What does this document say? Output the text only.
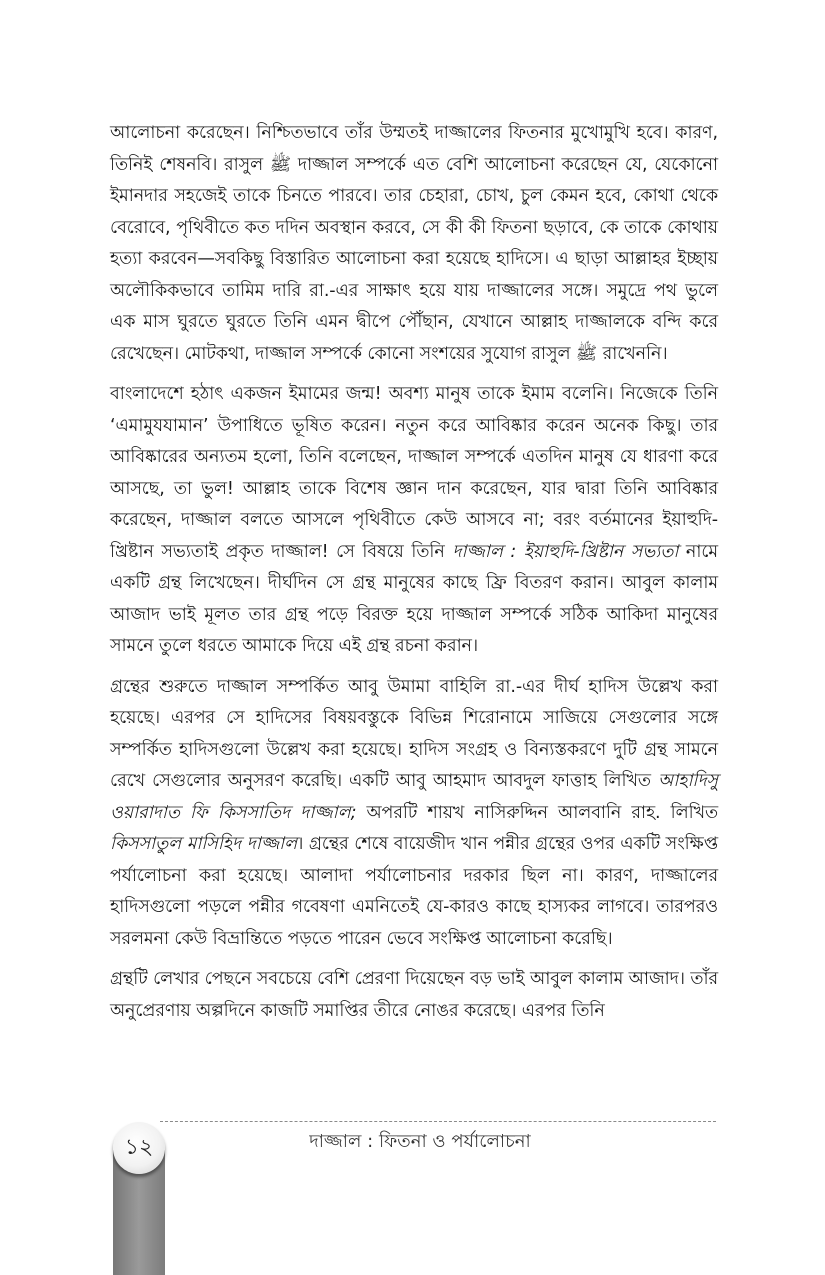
আলোচনা করেছেন। নিশ্চিতভাবে তাঁর উম্মতই দাজ্জালের ফিতনার মুখোমুখি হবে। কারণ, তিনিই শেষনবি। রাসুল ﷺ দাজ্জাল সম্পর্কে এত বেশি আলোচনা করেছেন যে, যেকোনো ইমানদার সহজেই তাকে চিনতে পারবে। তার চেহারা, চোখ, চুল কেমন হবে, কোথা থেকে বেরোবে, পৃথিবীতে কত দদিন অবস্থান করবে, সে কী কী ফিতনা ছড়াবে, কে তাকে কোথায় হত্যা করবেন—সবকিছু বিস্তারিত আলোচনা করা হয়েছে হাদিসে। এ ছাড়া আল্লাহর ইচ্ছায় অলৌকিকভাবে তামিম দারি রা.-এর সাক্ষাৎ হয়ে যায় দাজ্জালের সঙ্গে। সমুদ্রে পথ ভুলে এক মাস ঘুরতে ঘুরতে তিনি এমন দ্বীপে পৌঁছান, যেখানে আল্লাহ দাজ্জালকে বন্দি করে রেখেছেন। মোটকথা, দাজ্জাল সম্পর্কে কোনো সংশয়ের সুযোগ রাসুল ﷺ রাখেননি।

বাংলাদেশে হঠাৎ একজন ইমামের জন্ম! অবশ্য মানুষ তাকে ইমাম বলেনি। নিজেকে তিনি ‘এমামুযযামান’ উপাধিতে ভূষিত করেন। নতুন করে আবিষ্কার করেন অনেক কিছু। তার আবিষ্কারের অন্যতম হলো, তিনি বলেছেন, দাজ্জাল সম্পর্কে এতদিন মানুষ যে ধারণা করে আসছে, তা ভুল! আল্লাহ তাকে বিশেষ জ্ঞান দান করেছেন, যার দ্বারা তিনি আবিষ্কার করেছেন, দাজ্জাল বলতে আসলে পৃথিবীতে কেউ আসবে না; বরং বর্তমানের ইয়াহুদি-খ্রিষ্টান সভ্যতাই প্রকৃত দাজ্জাল! সে বিষয়ে তিনি দাজ্জাল : ইয়াহুদি-খ্রিষ্টান সভ্যতা নামে একটি গ্রন্থ লিখেছেন। দীর্ঘদিন সে গ্রন্থ মানুষের কাছে ফ্রি বিতরণ করান। আবুল কালাম আজাদ ভাই মূলত তার গ্রন্থ পড়ে বিরক্ত হয়ে দাজ্জাল সম্পর্কে সঠিক আকিদা মানুষের সামনে তুলে ধরতে আমাকে দিয়ে এই গ্রন্থ রচনা করান।

গ্রন্থের শুরুতে দাজ্জাল সম্পর্কিত আবু উমামা বাহিলি রা.-এর দীর্ঘ হাদিস উল্লেখ করা হয়েছে। এরপর সে হাদিসের বিষয়বস্তুকে বিভিন্ন শিরোনামে সাজিয়ে সেগুলোর সঙ্গে সম্পর্কিত হাদিসগুলো উল্লেখ করা হয়েছে। হাদিস সংগ্রহ ও বিন্যস্তকরণে দুটি গ্রন্থ সামনে রেখে সেগুলোর অনুসরণ করেছি। একটি আবু আহমাদ আবদুল ফাত্তাহ লিখিত আহাদিসু ওয়ারাদাত ফি কিসসাতিদ দাজ্জাল; অপরটি শায়খ নাসিরুদ্দিন আলবানি রাহ. লিখিত কিসসাতুল মাসিহিদ দাজ্জাল। গ্রন্থের শেষে বায়েজীদ খান পন্নীর গ্রন্থের ওপর একটি সংক্ষিপ্ত পর্যালোচনা করা হয়েছে। আলাদা পর্যালোচনার দরকার ছিল না। কারণ, দাজ্জালের হাদিসগুলো পড়লে পন্নীর গবেষণা এমনিতেই যে-কারও কাছে হাস্যকর লাগবে। তারপরও সরলমনা কেউ বিভ্রান্তিতে পড়তে পারেন ভেবে সংক্ষিপ্ত আলোচনা করেছি।

গ্রন্থটি লেখার পেছনে সবচেয়ে বেশি প্রেরণা দিয়েছেন বড় ভাই আবুল কালাম আজাদ। তাঁর অনুপ্রেরণায় অল্পদিনে কাজটি সমাপ্তির তীরে নোঙর করেছে। এরপর তিনি

দাজ্জাল : ফিতনা ও পর্যালোচনা
১২
